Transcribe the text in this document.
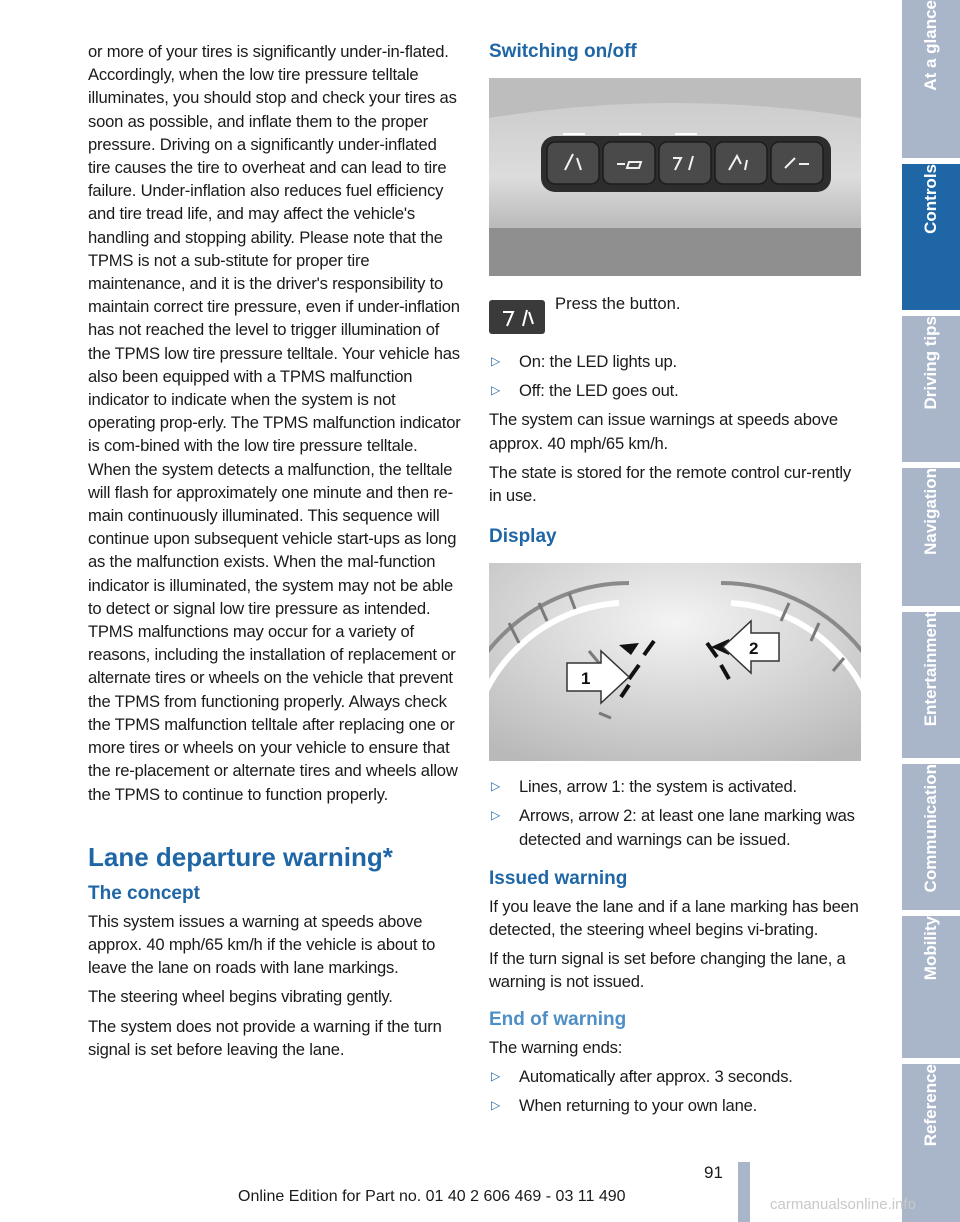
or more of your tires is significantly under-in-flated. Accordingly, when the low tire pressure telltale illuminates, you should stop and check your tires as soon as possible, and inflate them to the proper pressure. Driving on a significantly under-inflated tire causes the tire to overheat and can lead to tire failure. Under-inflation also reduces fuel efficiency and tire tread life, and may affect the vehicle's handling and stopping ability. Please note that the TPMS is not a sub-stitute for proper tire maintenance, and it is the driver's responsibility to maintain correct tire pressure, even if under-inflation has not reached the level to trigger illumination of the TPMS low tire pressure telltale. Your vehicle has also been equipped with a TPMS malfunction indicator to indicate when the system is not operating prop-erly. The TPMS malfunction indicator is com-bined with the low tire pressure telltale. When the system detects a malfunction, the telltale will flash for approximately one minute and then re-main continuously illuminated. This sequence will continue upon subsequent vehicle start-ups as long as the malfunction exists. When the mal-function indicator is illuminated, the system may not be able to detect or signal low tire pressure as intended. TPMS malfunctions may occur for a variety of reasons, including the installation of replacement or alternate tires or wheels on the vehicle that prevent the TPMS from functioning properly. Always check the TPMS malfunction telltale after replacing one or more tires or wheels on your vehicle to ensure that the re-placement or alternate tires and wheels allow the TPMS to continue to function properly.

Lane departure warning*
The concept

This system issues a warning at speeds above approx. 40 mph/65 km/h if the vehicle is about to leave the lane on roads with lane markings.

The steering wheel begins vibrating gently.

The system does not provide a warning if the turn signal is set before leaving the lane.

Switching on/off
Press the button.
▷ On: the LED lights up.
▷ Off: the LED goes out.

The system can issue warnings at speeds above approx. 40 mph/65 km/h.

The state is stored for the remote control cur-rently in use.

Display
1
2
▷ Lines, arrow 1: the system is activated.
▷ Arrows, arrow 2: at least one lane marking was detected and warnings can be issued.
Issued warning

If you leave the lane and if a lane marking has been detected, the steering wheel begins vi-brating.

If the turn signal is set before changing the lane, a warning is not issued.

End of warning

The warning ends:

▷ Automatically after approx. 3 seconds.
▷ When returning to your own lane.
At a glance
Controls
Driving tips
Navigation
Entertainment
Communication
Mobility
Reference
91
Online Edition for Part no. 01 40 2 606 469 - 03 11 490	carmanualsonline.info
